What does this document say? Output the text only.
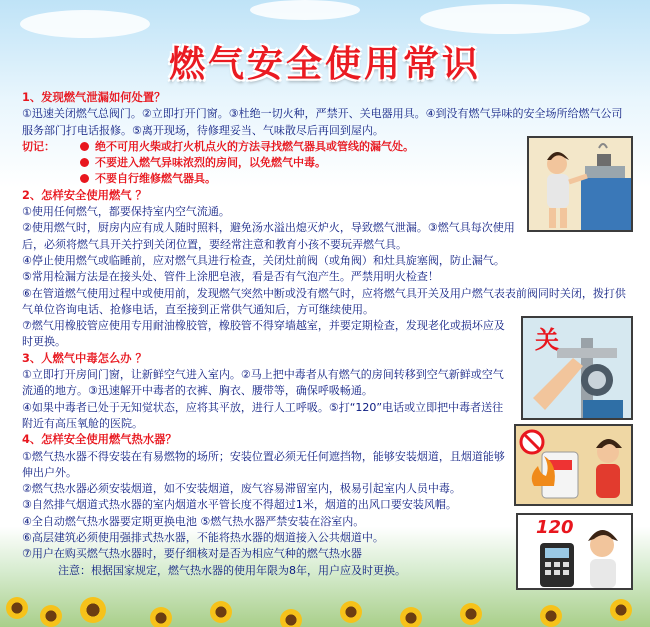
燃气安全使用常识
1、发现燃气泄漏如何处置？

①迅速关闭燃气总阀门。②立即打开门窗。③杜绝一切火种，严禁开、关电器用具。④到没有燃气异味的安全场所给燃气公司服务部门打电话报修。⑤离开现场，待修理妥当、气味散尽后再回到屋内。

切记：	绝不可用火柴或打火机点火的方法寻找燃气器具或管线的漏气处。
不要进入燃气异味浓烈的房间，以免燃气中毒。
不要自行维修燃气器具。
2、怎样安全使用燃气 ？

①使用任何燃气，都要保持室内空气流通。

②使用燃气时，厨房内应有成人随时照料，避免汤水溢出熄灭炉火，导致燃气泄漏。③燃气具每次使用后，必须将燃气具开关拧到关闭位置，要经常注意和教育小孩不要玩弄燃气具。

④停止使用燃气或临睡前，应对燃气具进行检查，关闭灶前阀（或角阀）和灶具旋塞阀，防止漏气。

⑤常用检漏方法是在接头处、管件上涂肥皂液，看是否有气泡产生。严禁用明火检查！

⑥在管道燃气使用过程中或使用前，发现燃气突然中断或没有燃气时，应将燃气具开关及用户燃气表表前阀同时关闭，拨打供气单位咨询电话、抢修电话，直至接到正常供气通知后，方可继续使用。

⑦燃气用橡胶管应使用专用耐油橡胶管，橡胶管不得穿墙越室，并要定期检查，发现老化或损坏应及时更换。

3、人燃气中毒怎么办 ？

①立即打开房间门窗，让新鲜空气进入室内。②马上把中毒者从有燃气的房间转移到空气新鲜或空气流通的地方。③迅速解开中毒者的衣裤、胸衣、腰带等，确保呼吸畅通。

④如果中毒者已处于无知觉状态，应将其平放，进行人工呼吸。⑤打“120”电话或立即把中毒者送往附近有高压氧舱的医院。

4、怎样安全使用燃气热水器？

①燃气热水器不得安装在有易燃物的场所；安装位置必须无任何遮挡物，能够安装烟道，且烟道能够伸出户外。

②燃气热水器必须安装烟道，如不安装烟道，废气容易滞留室内，极易引起室内人员中毒。

③自然排气烟道式热水器的室内烟道水平管长度不得超过1米，烟道的出风口要安装风帽。

④全自动燃气热水器要定期更换电池 ⑤燃气热水器严禁安装在浴室内。

⑥高层建筑必须使用强排式热水器，不能将热水器的烟道接入公共烟道中。

⑦用户在购买燃气热水器时，要仔细核对是否为相应气种的燃气热水器

注意：根据国家规定，燃气热水器的使用年限为8年，用户应及时更换。

关
120
